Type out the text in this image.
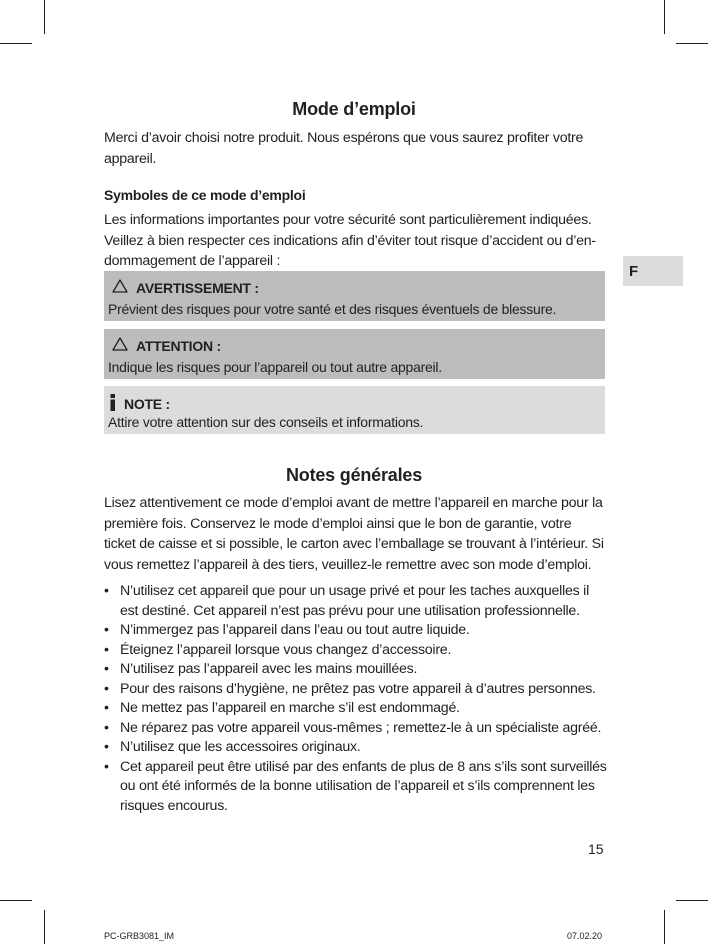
Mode d’emploi
Merci d’avoir choisi notre produit. Nous espérons que vous saurez profiter votre appareil.
Symboles de ce mode d’emploi
Les informations importantes pour votre sécurité sont particulièrement indiquées. Veillez à bien respecter ces indications afin d’éviter tout risque d’accident ou d’en-dommagement de l’appareil :
F
AVERTISSEMENT :
Prévient des risques pour votre santé et des risques éventuels de blessure.
ATTENTION :
Indique les risques pour l’appareil ou tout autre appareil.
NOTE :
Attire votre attention sur des conseils et informations.
Notes générales
Lisez attentivement ce mode d’emploi avant de mettre l’appareil en marche pour la première fois. Conservez le mode d’emploi ainsi que le bon de garantie, votre ticket de caisse et si possible, le carton avec l’emballage se trouvant à l’intérieur. Si vous remettez l’appareil à des tiers, veuillez-le remettre avec son mode d’emploi.
• N’utilisez cet appareil que pour un usage privé et pour les taches auxquelles il est destiné. Cet appareil n’est pas prévu pour une utilisation professionnelle.
• N’immergez pas l’appareil dans l’eau ou tout autre liquide.
• Éteignez l’appareil lorsque vous changez d’accessoire.
• N’utilisez pas l’appareil avec les mains mouillées.
• Pour des raisons d’hygiène, ne prêtez pas votre appareil à d’autres personnes.
• Ne mettez pas l’appareil en marche s’il est endommagé.
• Ne réparez pas votre appareil vous-mêmes ; remettez-le à un spécialiste agréé.
• N’utilisez que les accessoires originaux.
• Cet appareil peut être utilisé par des enfants de plus de 8 ans s’ils sont surveillés ou ont été informés de la bonne utilisation de l’appareil et s’ils comprennent les risques encourus.
15
PC-GRB3081_IM	07.02.20
